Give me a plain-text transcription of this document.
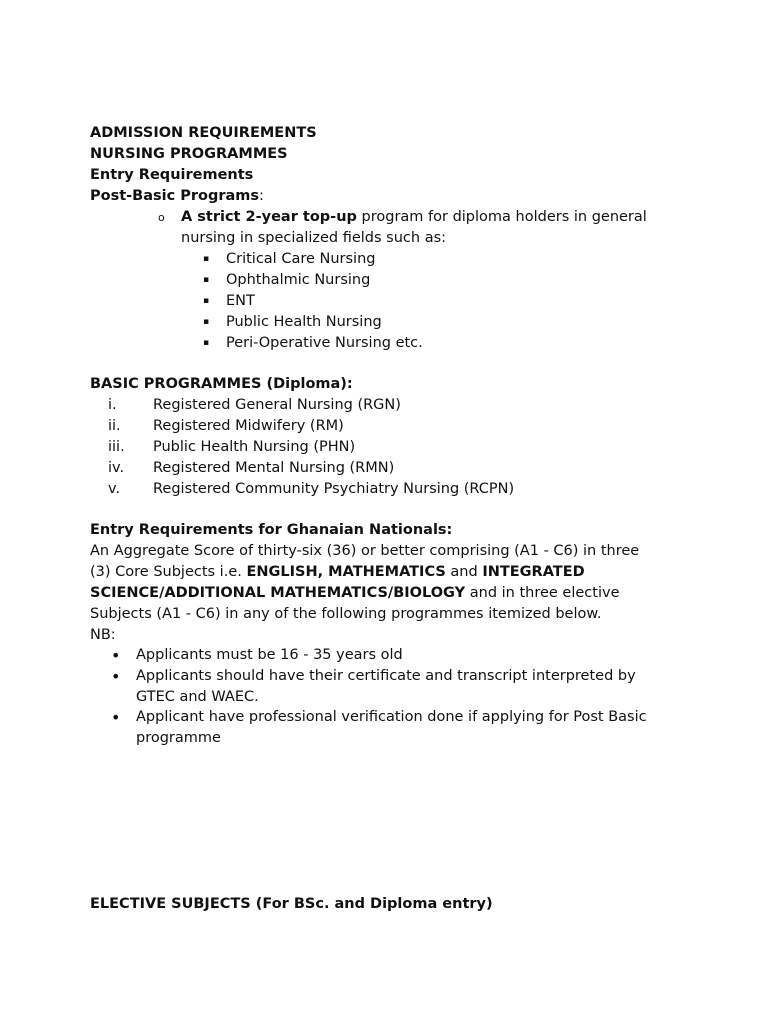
ADMISSION REQUIREMENTS
NURSING PROGRAMMES
Entry Requirements
Post-Basic Programs:
o A strict 2-year top-up program for diploma holders in general
nursing in specialized fields such as:
▪ Critical Care Nursing
▪ Ophthalmic Nursing
▪ ENT
▪ Public Health Nursing
▪ Peri-Operative Nursing etc.
BASIC PROGRAMMES (Diploma):
i.	Registered General Nursing (RGN)
ii. Registered Midwifery (RM)
iii. Public Health Nursing (PHN)
iv. Registered Mental Nursing (RMN)
v. Registered Community Psychiatry Nursing (RCPN)
Entry Requirements for Ghanaian Nationals:
An Aggregate Score of thirty-six (36) or better comprising (A1 - C6) in three
(3) Core Subjects i.e. ENGLISH, MATHEMATICS and INTEGRATED
SCIENCE/ADDITIONAL MATHEMATICS/BIOLOGY and in three elective
Subjects (A1 - C6) in any of the following programmes itemized below.
NB:
• Applicants must be 16 - 35 years old
• Applicants should have their certificate and transcript interpreted by
GTEC and WAEC.
• Applicant have professional verification done if applying for Post Basic
programme
ELECTIVE SUBJECTS (For BSc. and Diploma entry)
